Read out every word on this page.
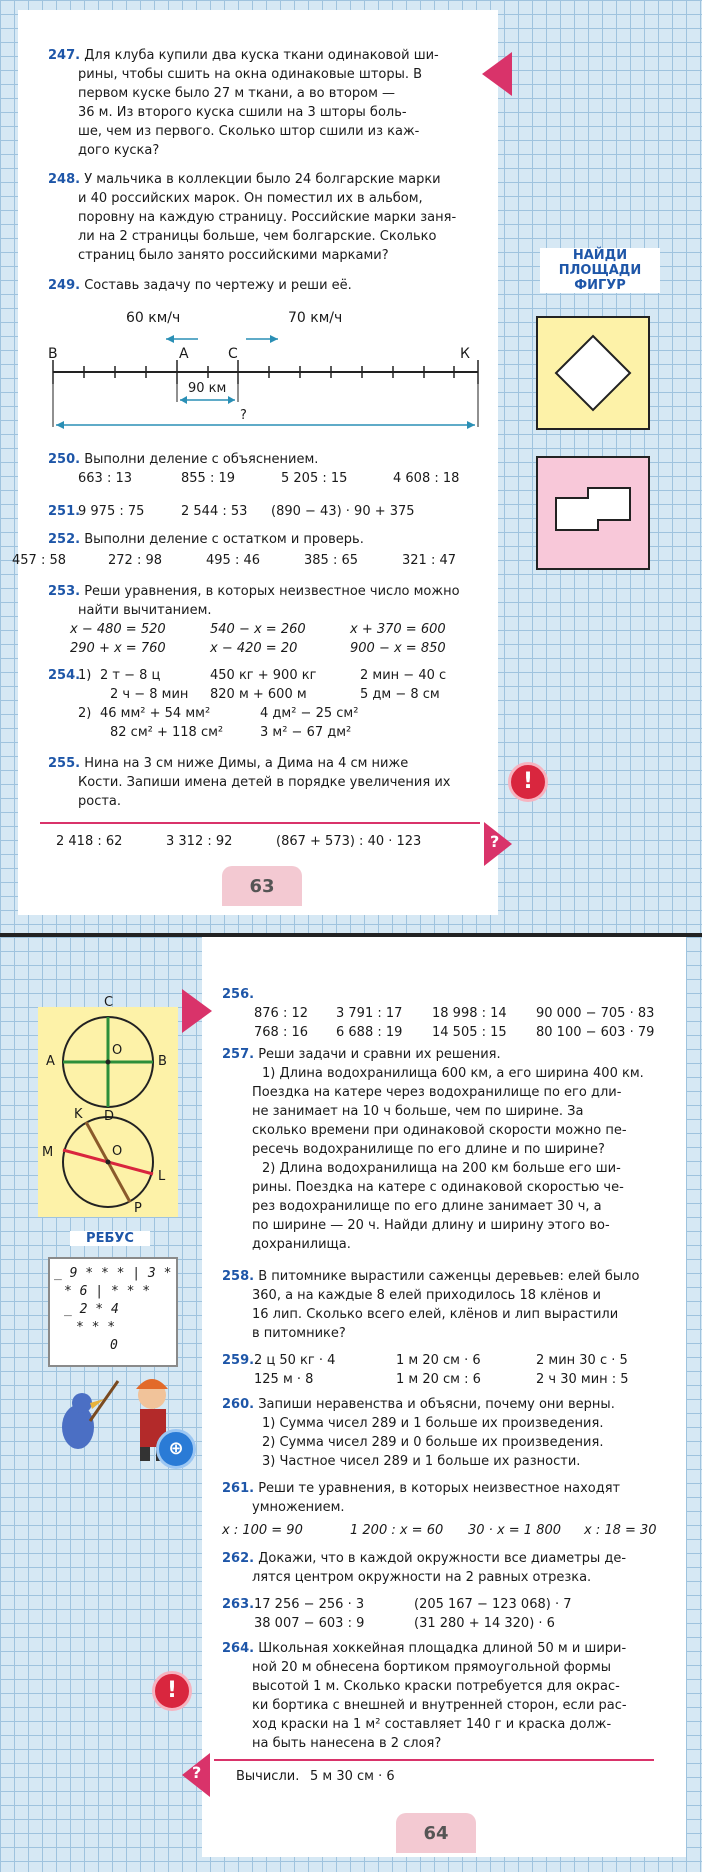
247. Для клуба купили два куска ткани одинаковой ши-

рины, чтобы сшить на окна одинаковые шторы. В

первом куске было 27 м ткани, а во втором —

36 м. Из второго куска сшили на 3 шторы боль-

ше, чем из первого. Сколько штор сшили из каж-

дого куска?

248. У мальчика в коллекции было 24 болгарские марки

и 40 российских марок. Он поместил их в альбом,

поровну на каждую страницу. Российские марки заня-

ли на 2 страницы больше, чем болгарские. Сколько

страниц было занято российскими марками?

249. Составь задачу по чертежу и реши её.

60 км/ч	70 км/ч
В	А	С	К
90 км
?
НАЙДИ
ПЛОЩАДИ
ФИГУР

250. Выполни деление с объяснением.

663 : 13	855 : 19	5 205 : 15	4 608 : 18
251.
9 975 : 75	2 544 : 53	(890 − 43) · 90 + 375

252. Выполни деление с остатком и проверь.

457 : 58	272 : 98	495 : 46	385 : 65	321 : 47

253. Реши уравнения, в которых неизвестное число можно

найти вычитанием.

x − 480 = 520	540 − x = 260	x + 370 = 600
290 + x = 760	x − 420 = 20	900 − x = 850
254.
1) 2 т − 8 ц	450 кг + 900 кг	2 мин − 40 с
2 ч − 8 мин	820 м + 600 м	5 дм − 8 см
2) 46 мм² + 54 мм²	4 дм² − 25 см²
82 см² + 118 см²	3 м² − 67 дм²

255. Нина на 3 см ниже Димы, а Дима на 4 см ниже

Кости. Запиши имена детей в порядке увеличения их

роста.

!
2 418 : 62	3 312 : 92	(867 + 573) : 40 · 123	?
63
C
A
O
B
D
K
M	O
L
P
РЕБУС
_ 9 * * * | 3 *
* 6 | * * *
_ 2 * 4
* * *
0
⊕
!

256.

876 : 12	3 791 : 17	18 998 : 14	90 000 − 705 · 83
768 : 16	6 688 : 19	14 505 : 15	80 100 − 603 · 79

257. Реши задачи и сравни их решения.

1) Длина водохранилища 600 км, а его ширина 400 км.

Поездка на катере через водохранилище по его дли-

не занимает на 10 ч больше, чем по ширине. За

сколько времени при одинаковой скорости можно пе-

ресечь водохранилище по его длине и по ширине?

2) Длина водохранилища на 200 км больше его ши-

рины. Поездка на катере с одинаковой скоростью че-

рез водохранилище по его длине занимает 30 ч, а

по ширине — 20 ч. Найди длину и ширину этого во-

дохранилища.

258. В питомнике вырастили саженцы деревьев: елей было

360, а на каждые 8 елей приходилось 18 клёнов и

16 лип. Сколько всего елей, клёнов и лип вырастили

в питомнике?

259. 2 ц 50 кг · 4	1 м 20 см · 6	2 мин 30 с · 5
125 м · 8	1 м 20 см : 6	2 ч 30 мин : 5

260. Запиши неравенства и объясни, почему они верны.

1) Сумма чисел 289 и 1 больше их произведения.

2) Сумма чисел 289 и 0 больше их произведения.

3) Частное чисел 289 и 1 больше их разности.

261. Реши те уравнения, в которых неизвестное находят

умножением.

x : 100 = 90	1 200 : x = 60	30 · x = 1 800	x : 18 = 30

262. Докажи, что в каждой окружности все диаметры де-

лятся центром окружности на 2 равных отрезка.

263. 17 256 − 256 · 3	(205 167 − 123 068) · 7
38 007 − 603 : 9	(31 280 + 14 320) · 6

264. Школьная хоккейная площадка длиной 50 м и шири-

ной 20 м обнесена бортиком прямоугольной формы

высотой 1 м. Сколько краски потребуется для окрас-

ки бортика с внешней и внутренней сторон, если рас-

ход краски на 1 м² составляет 140 г и краска долж-

на быть нанесена в 2 слоя?

?	Вычисли. 5 м 30 см · 6
64
